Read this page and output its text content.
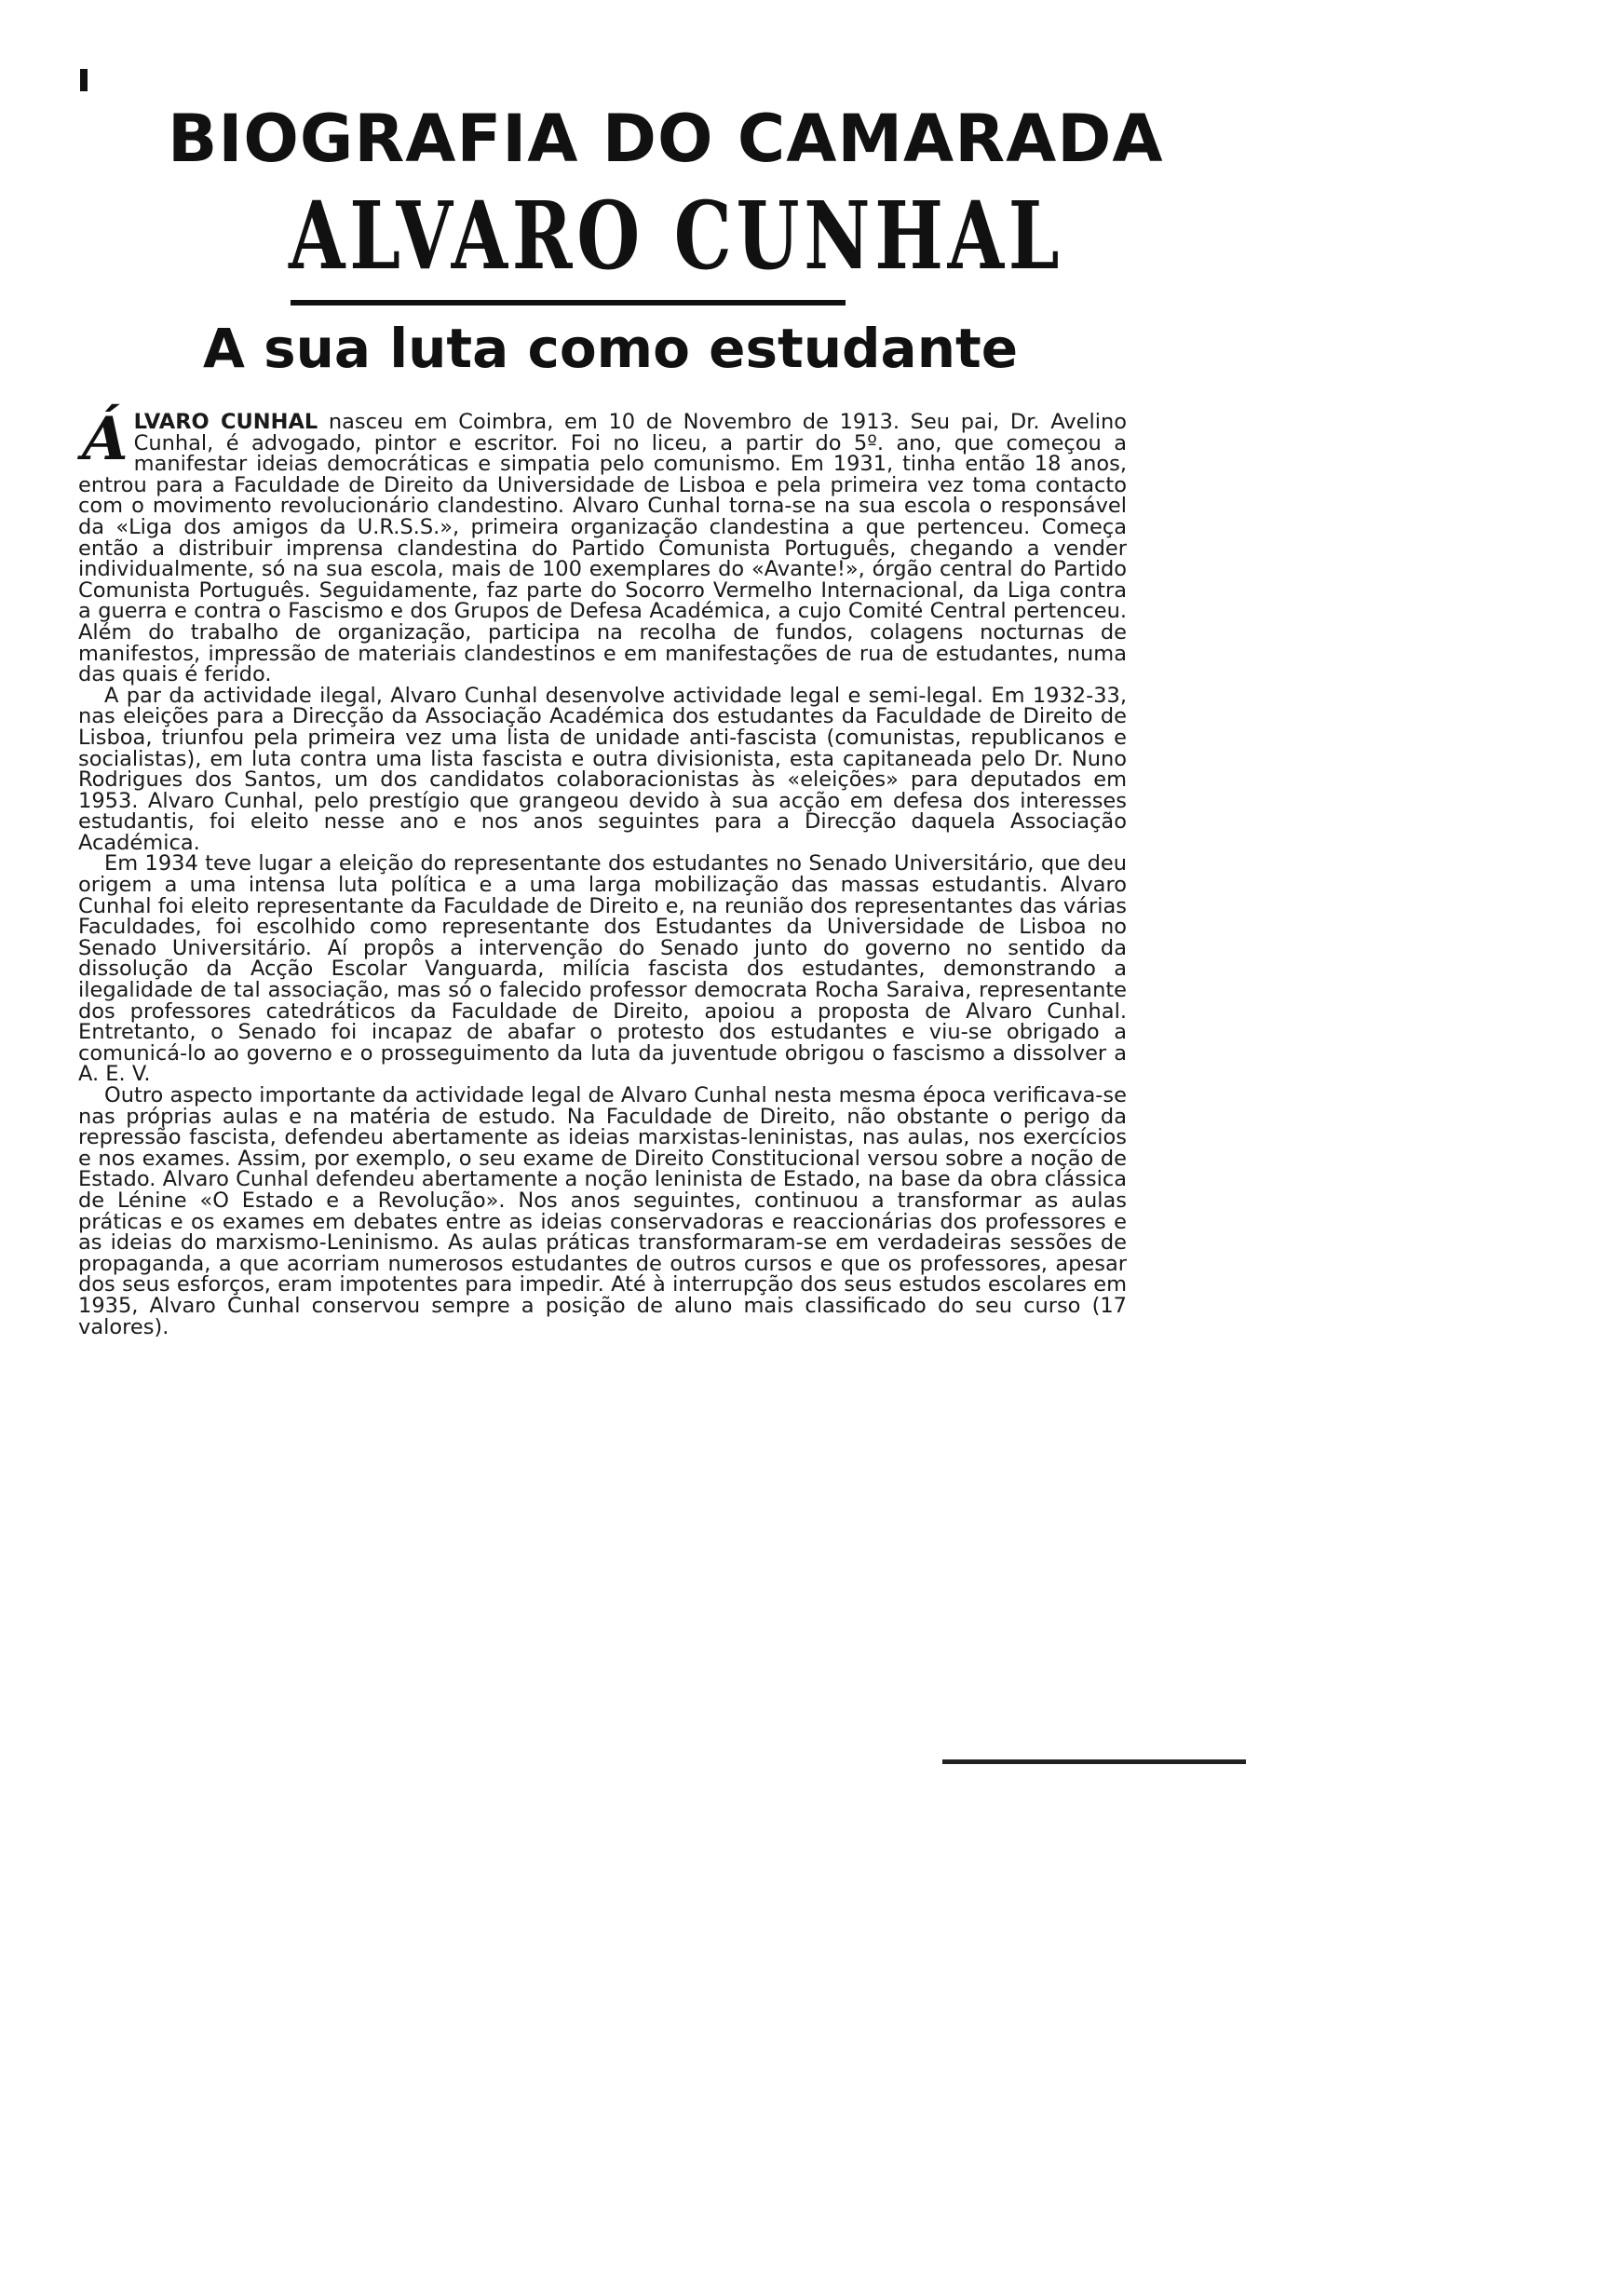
BIOGRAFIA DO CAMARADA
ALVARO CUNHAL
A sua luta como estudante

ÁLVARO CUNHAL nasceu em Coimbra, em 10 de Novembro de 1913. Seu pai, Dr. Avelino Cunhal, é advogado, pintor e escritor. Foi no liceu, a partir do 5º. ano, que começou a manifestar ideias democráticas e simpatia pelo comunismo. Em 1931, tinha então 18 anos, entrou para a Faculdade de Direito da Universidade de Lisboa e pela primeira vez toma contacto com o movimento revolucionário clandestino. Alvaro Cunhal torna-se na sua escola o responsável da «Liga dos amigos da U.R.S.S.», primeira organização clandestina a que pertenceu. Começa então a distribuir imprensa clandestina do Partido Comunista Português, chegando a vender individualmente, só na sua escola, mais de 100 exemplares do «Avante!», órgão central do Partido Comunista Português. Seguidamente, faz parte do Socorro Vermelho Internacional, da Liga contra a guerra e contra o Fascismo e dos Grupos de Defesa Académica, a cujo Comité Central pertenceu. Além do trabalho de organização, participa na recolha de fundos, colagens nocturnas de manifestos, impressão de materiais clandestinos e em manifestações de rua de estudantes, numa das quais é ferido.

A par da actividade ilegal, Alvaro Cunhal desenvolve actividade legal e semi-legal. Em 1932-33, nas eleições para a Direcção da Associação Académica dos estudantes da Faculdade de Direito de Lisboa, triunfou pela primeira vez uma lista de unidade anti-fascista (comunistas, republicanos e socialistas), em luta contra uma lista fascista e outra divisionista, esta capitaneada pelo Dr. Nuno Rodrigues dos Santos, um dos candidatos colaboracionistas às «eleições» para deputados em 1953. Alvaro Cunhal, pelo prestígio que grangeou devido à sua acção em defesa dos interesses estudantis, foi eleito nesse ano e nos anos seguintes para a Direcção daquela Associação Académica.

Em 1934 teve lugar a eleição do representante dos estudantes no Senado Universitário, que deu origem a uma intensa luta política e a uma larga mobilização das massas estudantis. Alvaro Cunhal foi eleito representante da Faculdade de Direito e, na reunião dos representantes das várias Faculdades, foi escolhido como representante dos Estudantes da Universidade de Lisboa no Senado Universitário. Aí propôs a intervenção do Senado junto do governo no sentido da dissolução da Acção Escolar Vanguarda, milícia fascista dos estudantes, demonstrando a ilegalidade de tal associação, mas só o falecido professor democrata Rocha Saraiva, representante dos professores catedráticos da Faculdade de Direito, apoiou a proposta de Alvaro Cunhal. Entretanto, o Senado foi incapaz de abafar o protesto dos estudantes e viu-se obrigado a comunicá-lo ao governo e o prosseguimento da luta da juventude obrigou o fascismo a dissolver a A. E. V.

Outro aspecto importante da actividade legal de Alvaro Cunhal nesta mesma época verificava-se nas próprias aulas e na matéria de estudo. Na Faculdade de Direito, não obstante o perigo da repressão fascista, defendeu abertamente as ideias marxistas-leninistas, nas aulas, nos exercícios e nos exames. Assim, por exemplo, o seu exame de Direito Constitucional versou sobre a noção de Estado. Alvaro Cunhal defendeu abertamente a noção leninista de Estado, na base da obra clássica de Lénine «O Estado e a Revolução». Nos anos seguintes, continuou a transformar as aulas práticas e os exames em debates entre as ideias conservadoras e reaccionárias dos professores e as ideias do marxismo-Leninismo. As aulas práticas transformaram-se em verdadeiras sessões de propaganda, a que acorriam numerosos estudantes de outros cursos e que os professores, apesar dos seus esforços, eram impotentes para impedir. Até à interrupção dos seus estudos escolares em 1935, Alvaro Cunhal conservou sempre a posição de aluno mais classificado do seu curso (17 valores).
